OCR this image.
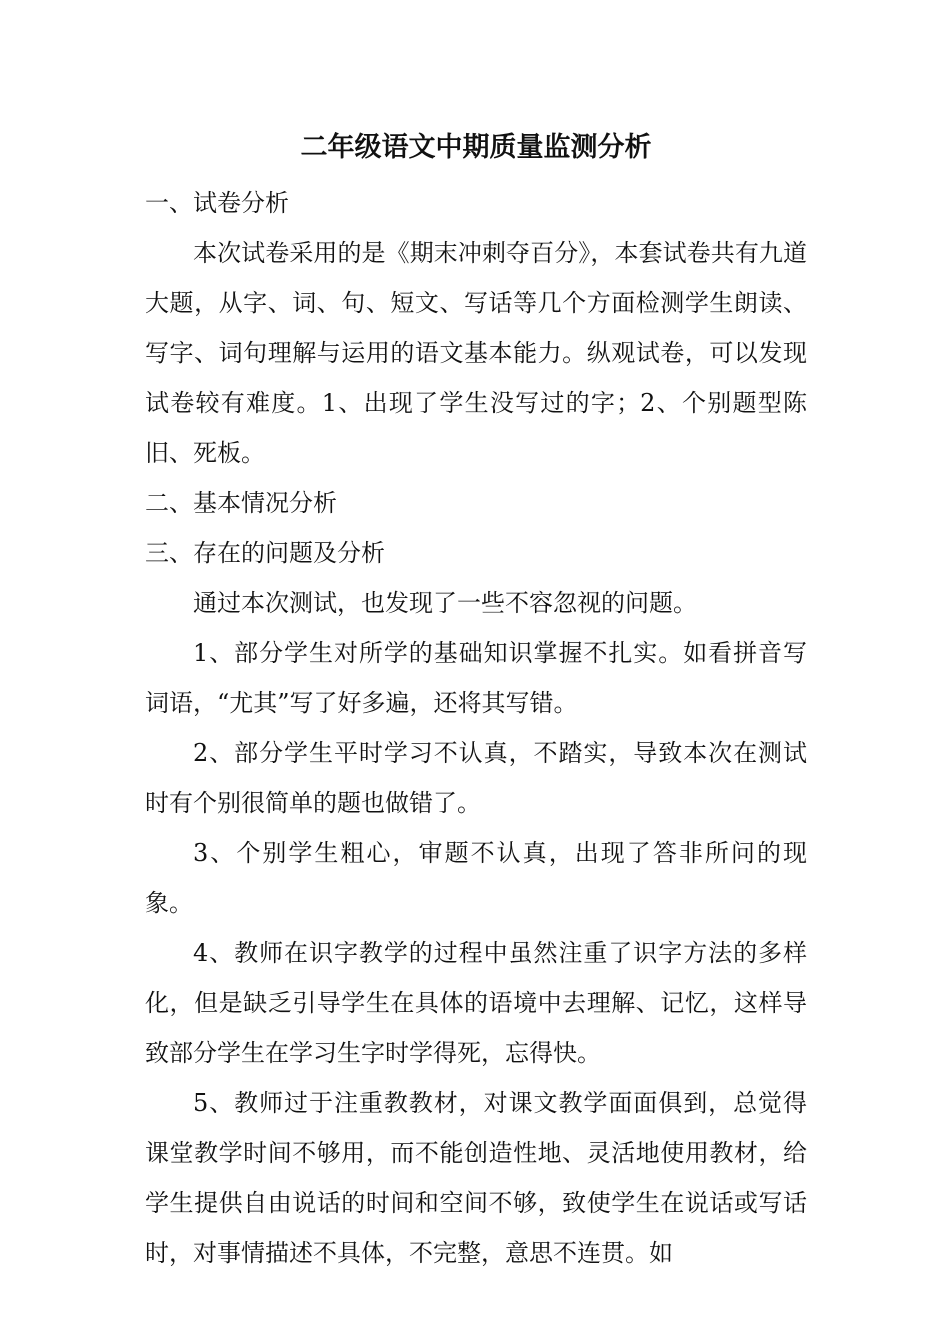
二年级语文中期质量监测分析

一、试卷分析

本次试卷采用的是《期末冲刺夺百分》，本套试卷共有九道大题，从字、词、句、短文、写话等几个方面检测学生朗读、写字、词句理解与运用的语文基本能力。纵观试卷，可以发现试卷较有难度。1、出现了学生没写过的字；2、个别题型陈旧、死板。

二、基本情况分析

三、存在的问题及分析

通过本次测试，也发现了一些不容忽视的问题。

1、部分学生对所学的基础知识掌握不扎实。如看拼音写词语，“尤其”写了好多遍，还将其写错。

2、部分学生平时学习不认真，不踏实，导致本次在测试时有个别很简单的题也做错了。

3、个别学生粗心，审题不认真，出现了答非所问的现象。

4、教师在识字教学的过程中虽然注重了识字方法的多样化，但是缺乏引导学生在具体的语境中去理解、记忆，这样导致部分学生在学习生字时学得死，忘得快。

5、教师过于注重教教材，对课文教学面面俱到，总觉得课堂教学时间不够用，而不能创造性地、灵活地使用教材，给学生提供自由说话的时间和空间不够，致使学生在说话或写话时，对事情描述不具体，不完整，意思不连贯。如
